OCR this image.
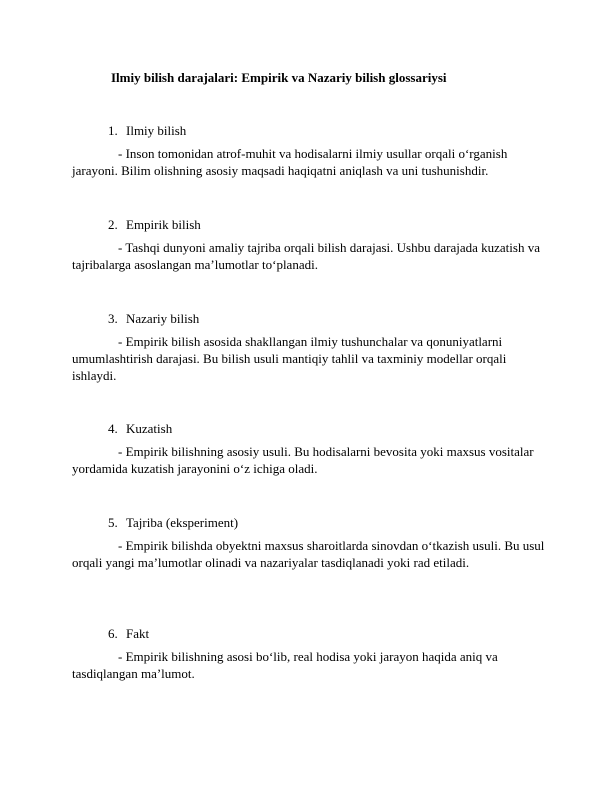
Ilmiy bilish darajalari: Empirik va Nazariy bilish glossariysi
1. Ilmiy bilish
- Inson tomonidan atrof-muhit va hodisalarni ilmiy usullar orqali o‘rganish jarayoni. Bilim olishning asosiy maqsadi haqiqatni aniqlash va uni tushunishdir.
2. Empirik bilish
- Tashqi dunyoni amaliy tajriba orqali bilish darajasi. Ushbu darajada kuzatish va tajribalarga asoslangan ma’lumotlar to‘planadi.
3. Nazariy bilish
- Empirik bilish asosida shakllangan ilmiy tushunchalar va qonuniyatlarni umumlashtirish darajasi. Bu bilish usuli mantiqiy tahlil va taxminiy modellar orqali ishlaydi.
4. Kuzatish
- Empirik bilishning asosiy usuli. Bu hodisalarni bevosita yoki maxsus vositalar yordamida kuzatish jarayonini o‘z ichiga oladi.
5. Tajriba (eksperiment)
- Empirik bilishda obyektni maxsus sharoitlarda sinovdan o‘tkazish usuli. Bu usul orqali yangi ma’lumotlar olinadi va nazariyalar tasdiqlanadi yoki rad etiladi.
6. Fakt
- Empirik bilishning asosi bo‘lib, real hodisa yoki jarayon haqida aniq va tasdiqlangan ma’lumot.
